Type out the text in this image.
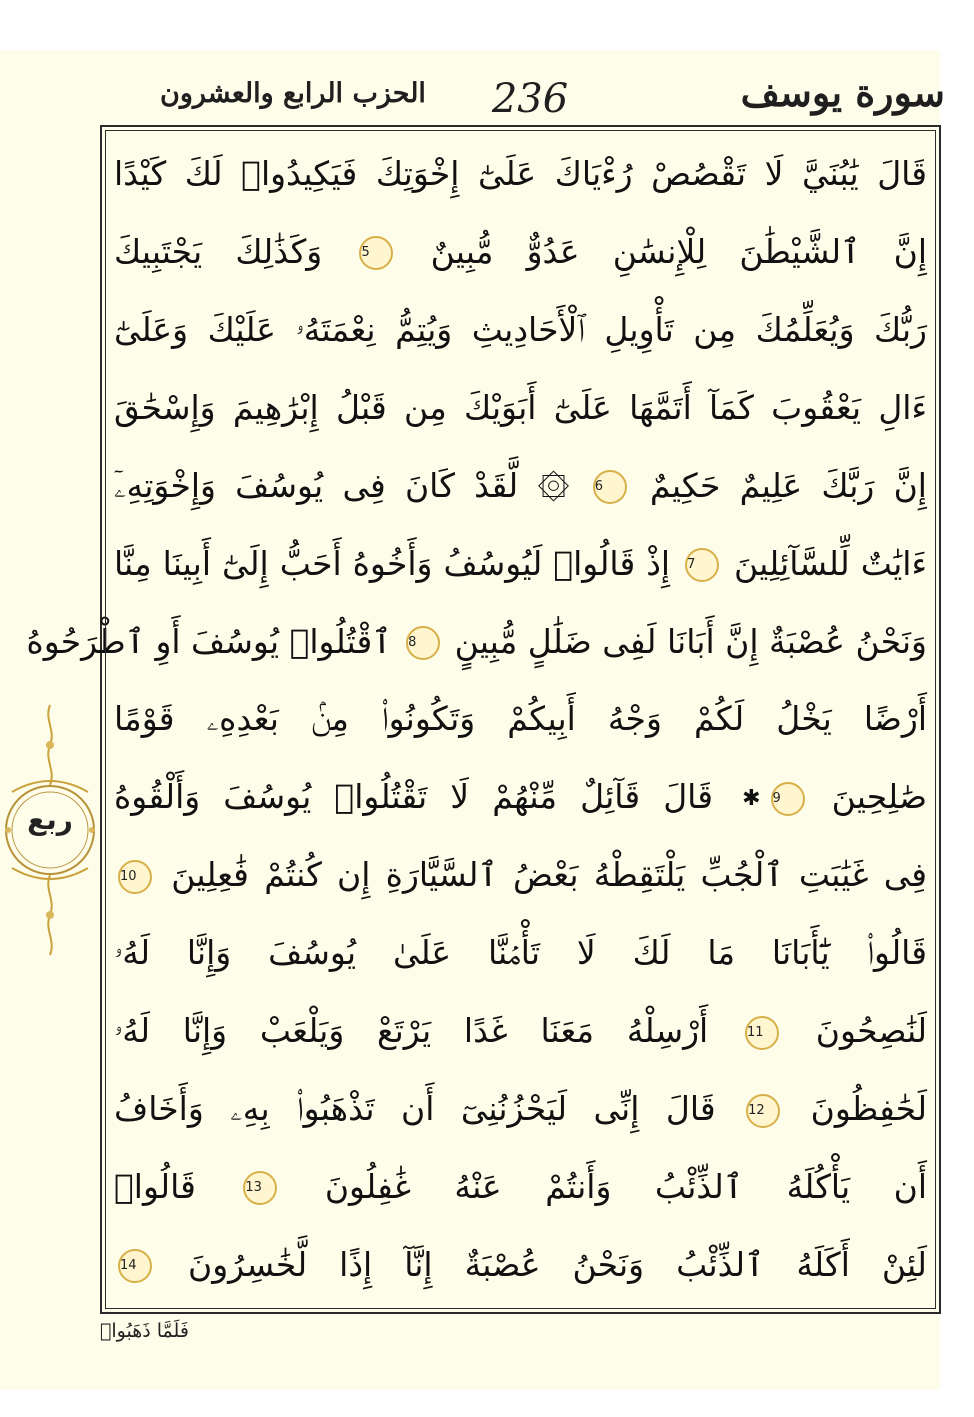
سورة يوسف
236
الحزب الرابع والعشرون
قَالَ يَٰبُنَيَّ لَا تَقْصُصْ رُءْيَاكَ عَلَىٰٓ إِخْوَتِكَ فَيَكِيدُوا۟ لَكَ كَيْدًا
إِنَّ ٱلشَّيْطَٰنَ لِلْإِنسَٰنِ عَدُوٌّ مُّبِينٌ 5 وَكَذَٰلِكَ يَجْتَبِيكَ
رَبُّكَ وَيُعَلِّمُكَ مِن تَأْوِيلِ ٱلْأَحَادِيثِ وَيُتِمُّ نِعْمَتَهُۥ عَلَيْكَ وَعَلَىٰٓ
ءَالِ يَعْقُوبَ كَمَآ أَتَمَّهَا عَلَىٰٓ أَبَوَيْكَ مِن قَبْلُ إِبْرَٰهِيمَ وَإِسْحَٰقَ
إِنَّ رَبَّكَ عَلِيمٌ حَكِيمٌ 6 ۞ لَّقَدْ كَانَ فِى يُوسُفَ وَإِخْوَتِهِۦٓ
ءَايَٰتٌ لِّلسَّآئِلِينَ 7 إِذْ قَالُوا۟ لَيُوسُفُ وَأَخُوهُ أَحَبُّ إِلَىٰٓ أَبِينَا مِنَّا
وَنَحْنُ عُصْبَةٌ إِنَّ أَبَانَا لَفِى ضَلَٰلٍ مُّبِينٍ 8 ٱقْتُلُوا۟ يُوسُفَ أَوِ ٱطْرَحُوهُ
أَرْضًا يَخْلُ لَكُمْ وَجْهُ أَبِيكُمْ وَتَكُونُوا۟ مِنۢ بَعْدِهِۦ قَوْمًا
صَٰلِحِينَ 9✱ قَالَ قَآئِلٌ مِّنْهُمْ لَا تَقْتُلُوا۟ يُوسُفَ وَأَلْقُوهُ
فِى غَيَٰبَتِ ٱلْجُبِّ يَلْتَقِطْهُ بَعْضُ ٱلسَّيَّارَةِ إِن كُنتُمْ فَٰعِلِينَ 10
قَالُوا۟ يَٰٓأَبَانَا مَا لَكَ لَا تَأْمَ۬نَّا عَلَىٰ يُوسُفَ وَإِنَّا لَهُۥ
لَنَٰصِحُونَ 11 أَرْسِلْهُ مَعَنَا غَدًا يَرْتَعْ وَيَلْعَبْ وَإِنَّا لَهُۥ
لَحَٰفِظُونَ 12 قَالَ إِنِّى لَيَحْزُنُنِىٓ أَن تَذْهَبُوا۟ بِهِۦ وَأَخَافُ
أَن يَأْكُلَهُ ٱلذِّئْبُ وَأَنتُمْ عَنْهُ غَٰفِلُونَ 13 قَالُوا۟
لَئِنْ أَكَلَهُ ٱلذِّئْبُ وَنَحْنُ عُصْبَةٌ إِنَّآ إِذًا لَّخَٰسِرُونَ 14
ربع
فَلَمَّا ذَهَبُوا۟
